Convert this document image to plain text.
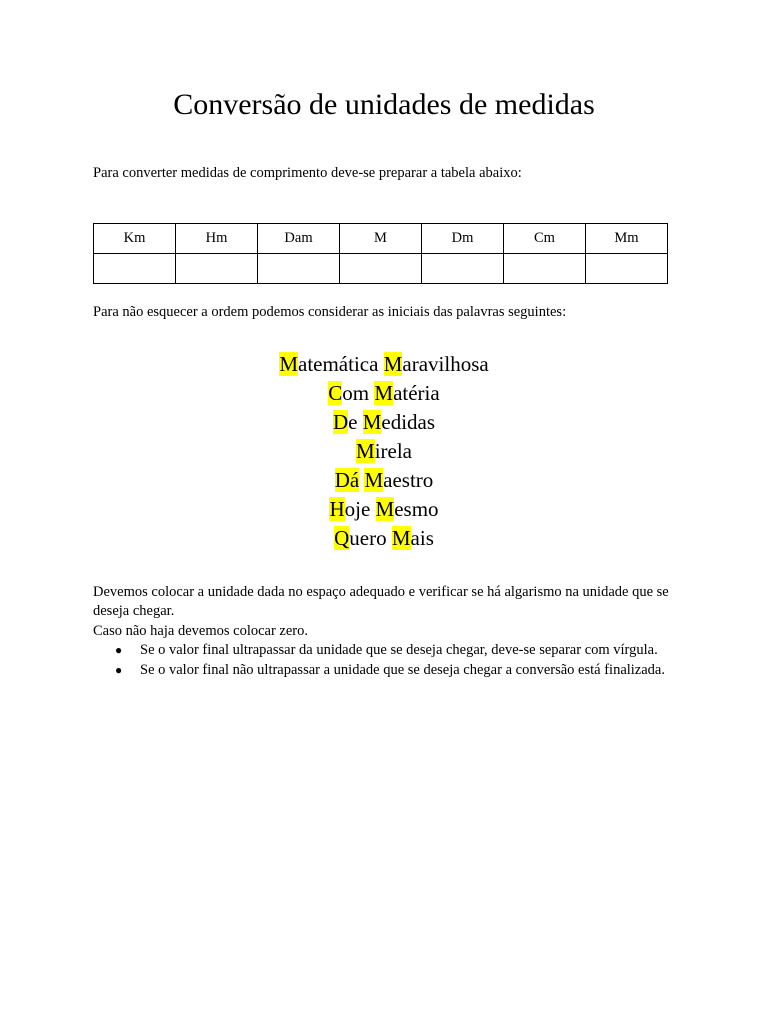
Conversão de unidades de medidas

Para converter medidas de comprimento deve-se preparar a tabela abaixo:

Km	Hm	Dam	M	Dm	Cm	Mm

Para não esquecer a ordem podemos considerar as iniciais das palavras seguintes:

Matemática Maravilhosa
Com Matéria
De Medidas
Mirela
Dá Maestro
Hoje Mesmo
Quero Mais

Devemos colocar a unidade dada no espaço adequado e verificar se há algarismo na unidade que se deseja chegar.

Caso não haja devemos colocar zero.

● Se o valor final ultrapassar da unidade que se deseja chegar, deve-se separar com vírgula.
● Se o valor final não ultrapassar a unidade que se deseja chegar a conversão está finalizada.
